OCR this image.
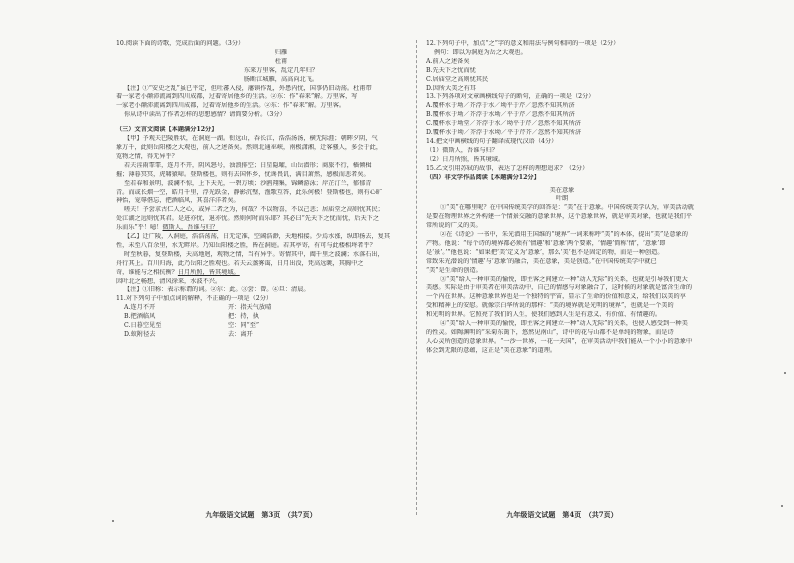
10.阅读下面的诗歌，完成后面的问题。（3分）
归雁
杜甫
东来万里客，乱定几年归？
肠断江城雁，高高向北飞。
【注】①“安史之乱”虽已平定，但吐蕃入侵，藩镇作乱，外患内忧，国事仍旧动荡。杜甫带
着一家老小颠沛流离到四川成都，过着寄居他乡的生活。②东：作“春来”解。万里客，写
一家老小颠沛流离到四川成都，过着寄居他乡的生活。②东：作“春来”解。万里客。
你从诗中读出了作者怎样的思想感情？请简要分析。（3分）
（三）文言文阅读【本题满分12分】
【甲】予观夫巴陵胜状，在洞庭一湖。衔远山，吞长江，浩浩汤汤，横无际涯；朝晖夕阴，气
象万千，此则岳阳楼之大观也，前人之述备矣。然则北通巫峡，南极潇湘，迁客骚人，多会于此，
览物之情，得无异乎？
若夫淫雨霏霏，连月不开，阴风怒号，浊浪排空；日星隐曜，山岳潜形；商旅不行，樯倾楫
摧；薄暮冥冥，虎啸猿啼。登斯楼也，则有去国怀乡，忧谗畏讥，满目萧然，感极而悲者矣。
至若春和景明，波澜不惊，上下天光，一碧万顷；沙鸥翔集，锦鳞游泳；岸芷汀兰，郁郁青
青。而或长烟一空，皓月千里，浮光跃金，静影沉璧，渔歌互答，此乐何极！登斯楼也，则有心旷
神怡，宠辱偕忘，把酒临风，其喜洋洋者矣。
嗟夫！予尝求古仁人之心，或异二者之为，何哉？不以物喜，不以己悲；居庙堂之高则忧其民；
处江湖之远则忧其君。是进亦忧，退亦忧。然则何时而乐耶？其必曰“先天下之忧而忧，后天下之
乐而乐”乎！噫！微斯人，吾谁与归？
【乙】迁广陵，入洞庭，浩浩荡荡，日无定准，空阔浩渺，天地相接。少焉水涨，纵即扬去，复其
性，未至八百余里，水无畔岸。乃知岳阳楼之胜，皆在洞庭。若其亭寄，有可与此楼相埒者乎？
时至秋暮，复登斯楼，天高地迥，观物之情，当有异乎。寄情其中，阖千里之波澜；水落石出，
舟行其上。百川归海，此乃岳阳之胜观也。若夫云蒸雾霭，日月出没，凭高远眺，其胸中之
奇，谁能与之相抗衡？日月所照，皆其境域。
因叶北之畅想，清风徐来，水波不兴。
【注】①旧称：表示称谓的词。②尔：此。③尝：曾。④旦：清晨。
11.对下列句子中加点词的解释，不正确的一项是（2分）
A.连月不开	开：指天气放晴
B.把酒临风	把：持，执
C.日暮空见至	空：同“至”
D.蚁附径去	去：离开
九年级语文试题　第3页　（共7页）
12.下列句子中，加点“之”字的意义和用法与例句相同的一项是（2分）
例句：即以为洞庭为岳之大观也。
A.前人之述备矣
B.先天下之忧而忧
C.居庙堂之高则忧其民
D.因所大美之有耳
13.下列各项对文章画横线句子的断句，正确的一项是（2分）
A.覆杯水于坳／芥浮于水／坳平于芹／忽然不知其所济
B.覆杯水于坳／芥浮于水坳／平于芹／忽然不知其所济
C.覆杯水于坳堂／芥浮于水／坳平于芹／忽然不知其所济
D.覆杯水于坳／芥浮于水坳／平于芹芥／忽然不知其所济
14.把文中画横线的句子翻译成现代汉语（4分）
（1）微斯人，吾谁与归？
（2）日月所照，皆其境域。
15.乙文引用苏轼的故事，表达了怎样的理想追求？（2分）
（四）非文学作品阅读【本题满分12分】
美在意象
叶朗
①“美”在哪里呢？在中国传统美学的回答是：“美”在于意象。中国传统美学认为，审美活动就
是要在物理世界之外构建一个情景交融的意象世界，这个意象世界，就是审美对象，也就是我们平
常所说的广义的美。
②在《诗论》一书中，朱光潜用王国维的“境界”一词来称呼“美”的本体，提出“美”是意象的
产物。他说：“每个诗的境界都必须有‘情趣’和‘意象’两个要素，‘情趣’简称‘情’，‘意象’即
是‘景’。’”他也说：“如果把‘美’定义为‘意象’，那么‘美’也不是固定的物，而是一种创造。
常致朱光潜说的‘情趣’与‘意象’的融合，美在意象，美是创造。”在中国传统美学中就已
“美”是生命的创造。
③“美”给人一种审美的愉悦，即主客之间建立一种“动人无际”的关系，也就是引导我们更大
美感。实际是由于审美者在审美活动中，自己的情感与对象融合了，这时候的对象就是富含生命的
一个内在世界。这种意象世界也是一个独特的宇宙，显示了生命的价值和意义，给我们以美的享
受和精神上的安慰。就像宗白华所说的那样：“美的境界就是光明的境界”，也就是一个美的
和光明的世界。它照亮了我们的人生，使我们感到人生是有意义、有价值、有情趣的。
④“美”给人一种审美的愉悦，即主客之间建立一种“动人无际”的关系，也使人感受到一种美
的性灵。如陶渊明的“采菊东篱下，悠然见南山”，诗中的花与山都不是单纯的物象，而是诗
人心灵所创造的意象世界。“一沙一世界，一花一天国”，在审美活动中我们能从一个小小的意象中
体会到无限的意蕴，这正是“美在意象”的道理。
九年级语文试题　第4页　（共7页）
